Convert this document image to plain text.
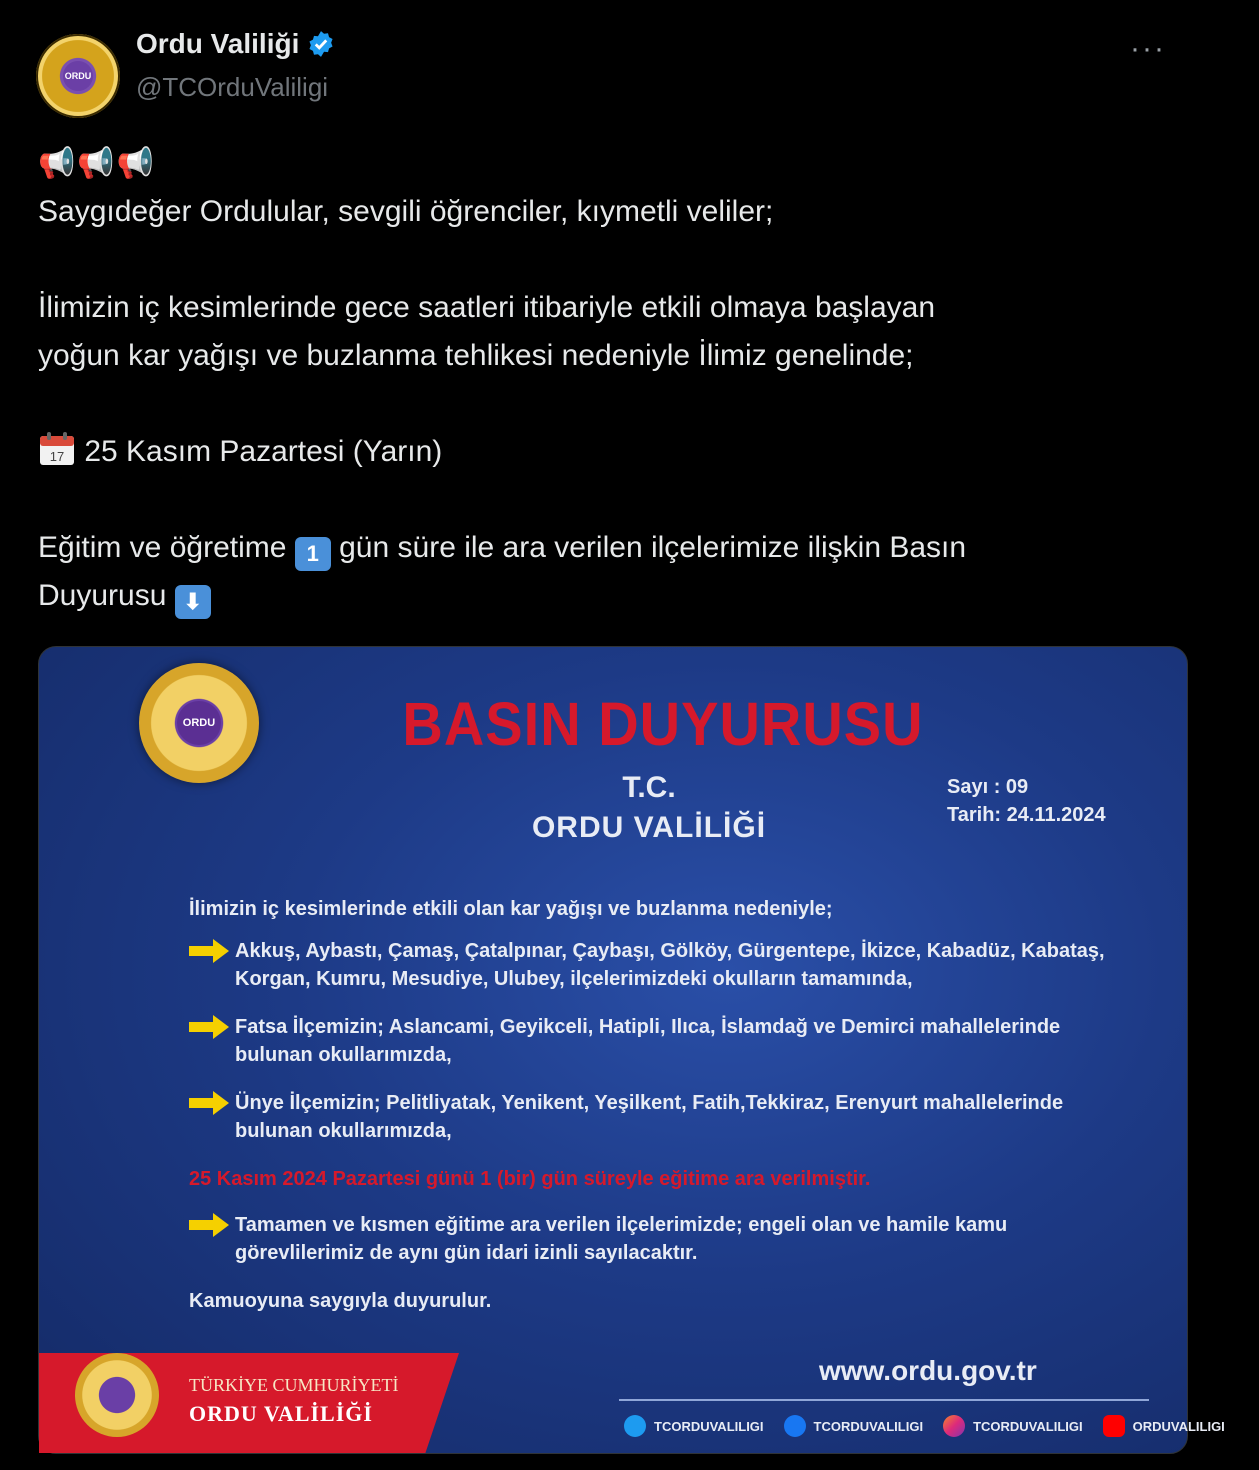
ORDU
Ordu Valiliği
@TCOrduValiligi
···

📢📢📢

Saygıdeğer Ordulular, sevgili öğrenciler, kıymetli veliler;

İlimizin iç kesimlerinde gece saatleri itibariyle etkili olmaya başlayan

yoğun kar yağışı ve buzlanma tehlikesi nedeniyle İlimiz genelinde;

17 25 Kasım Pazartesi (Yarın)

Eğitim ve öğretime 1 gün süre ile ara verilen ilçelerimize ilişkin Basın

Duyurusu ⬇

ORDU	BASIN DUYURUSU
T.C.
ORDU VALİLİĞİ
Sayı : 09
Tarih: 24.11.2024
İlimizin iç kesimlerinde etkili olan kar yağışı ve buzlanma nedeniyle;
Akkuş, Aybastı, Çamaş, Çatalpınar, Çaybaşı, Gölköy, Gürgentepe, İkizce, Kabadüz, Kabataş, Korgan, Kumru, Mesudiye, Ulubey, ilçelerimizdeki okulların tamamında,
Fatsa İlçemizin; Aslancami, Geyikceli, Hatipli, Ilıca, İslamdağ ve Demirci mahallelerinde bulunan okullarımızda,
Ünye İlçemizin; Pelitliyatak, Yenikent, Yeşilkent, Fatih,Tekkiraz, Erenyurt mahallelerinde bulunan okullarımızda,
25 Kasım 2024 Pazartesi günü 1 (bir) gün süreyle eğitime ara verilmiştir.
Tamamen ve kısmen eğitime ara verilen ilçelerimizde; engeli olan ve hamile kamu görevlilerimiz de aynı gün idari izinli sayılacaktır.
Kamuoyuna saygıyla duyurulur.
TÜRKİYE CUMHURİYETİ
ORDU VALİLİĞİ
www.ordu.gov.tr
TCORDUVALILIGI	TCORDUVALILIGI	TCORDUVALILIGI	ORDUVALILIGI
